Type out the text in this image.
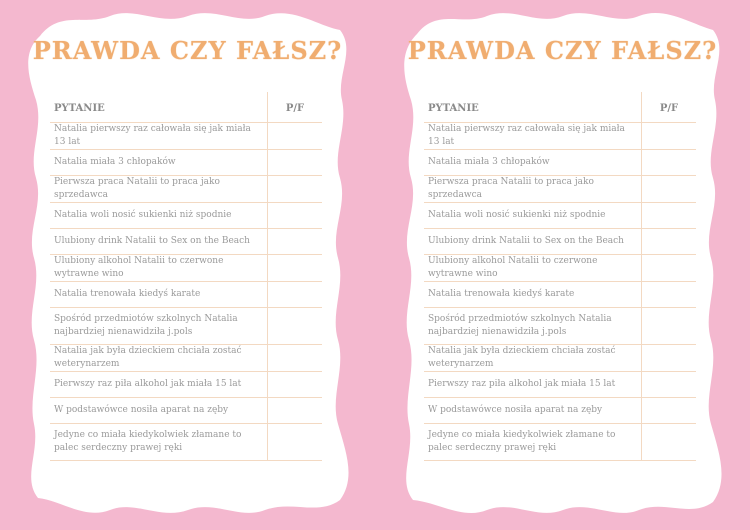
PRAWDA CZY FAŁSZ?
PYTANIE	P/F
Natalia pierwszy raz całowała się jak miała 13 lat	
Natalia miała 3 chłopaków	
Pierwsza praca Natalii to praca jako sprzedawca	
Natalia woli nosić sukienki niż spodnie	
Ulubiony drink Natalii to Sex on the Beach	
Ulubiony alkohol Natalii to czerwone wytrawne wino	
Natalia trenowała kiedyś karate	
Spośród przedmiotów szkolnych Natalia najbardziej nienawidziła j.pols	
Natalia jak była dzieckiem chciała zostać weterynarzem	
Pierwszy raz piła alkohol jak miała 15 lat	
W podstawówce nosiła aparat na zęby	
Jedyne co miała kiedykolwiek złamane to palec serdeczny prawej ręki	
PRAWDA CZY FAŁSZ?
PYTANIE	P/F
Natalia pierwszy raz całowała się jak miała 13 lat	
Natalia miała 3 chłopaków	
Pierwsza praca Natalii to praca jako sprzedawca	
Natalia woli nosić sukienki niż spodnie	
Ulubiony drink Natalii to Sex on the Beach	
Ulubiony alkohol Natalii to czerwone wytrawne wino	
Natalia trenowała kiedyś karate	
Spośród przedmiotów szkolnych Natalia najbardziej nienawidziła j.pols	
Natalia jak była dzieckiem chciała zostać weterynarzem	
Pierwszy raz piła alkohol jak miała 15 lat	
W podstawówce nosiła aparat na zęby	
Jedyne co miała kiedykolwiek złamane to palec serdeczny prawej ręki	
